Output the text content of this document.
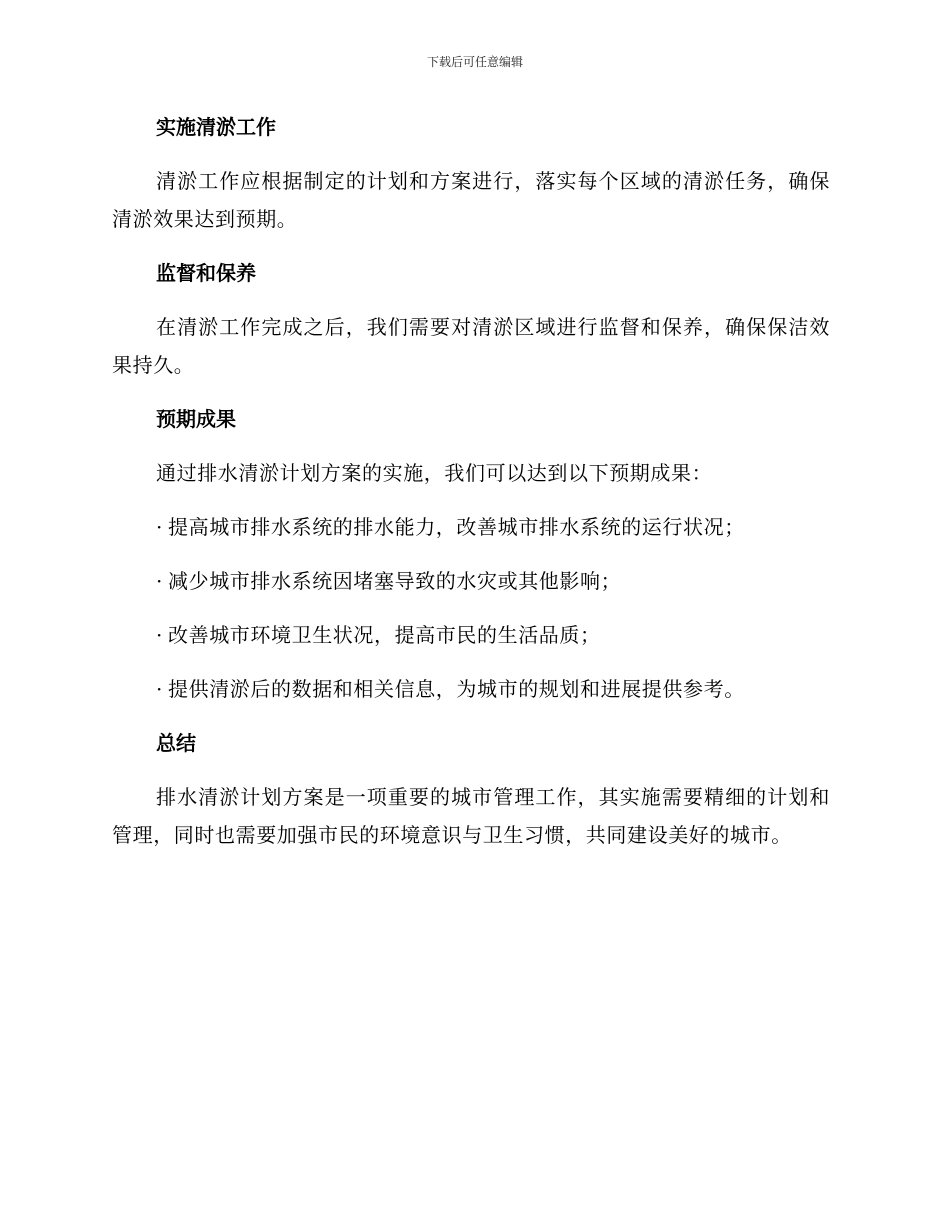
下载后可任意编辑
实施清淤工作

清淤工作应根据制定的计划和方案进行，落实每个区域的清淤任务，确保清淤效果达到预期。

监督和保养

在清淤工作完成之后，我们需要对清淤区域进行监督和保养，确保保洁效果持久。

预期成果

通过排水清淤计划方案的实施，我们可以达到以下预期成果：

· 提高城市排水系统的排水能力，改善城市排水系统的运行状况；
· 减少城市排水系统因堵塞导致的水灾或其他影响；
· 改善城市环境卫生状况，提高市民的生活品质；
· 提供清淤后的数据和相关信息，为城市的规划和进展提供参考。
总结

排水清淤计划方案是一项重要的城市管理工作，其实施需要精细的计划和管理，同时也需要加强市民的环境意识与卫生习惯，共同建设美好的城市。
